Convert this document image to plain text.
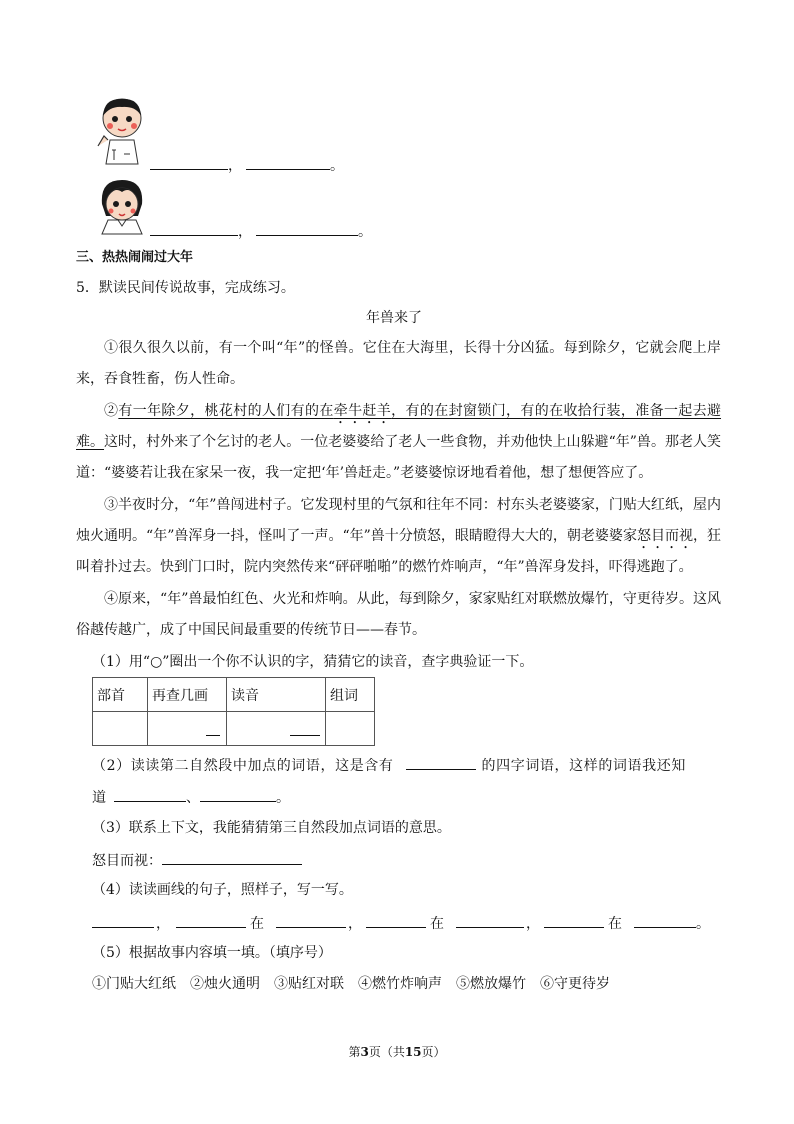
，	。
，	。
三、热热闹闹过大年
5．默读民间传说故事，完成练习。
年兽来了
①很久很久以前，有一个叫“年”的怪兽。它住在大海里，长得十分凶猛。每到除夕，它就会爬上岸来，吞食牲畜，伤人性命。
②有一年除夕，桃花村的人们有的在牵牛赶羊，有的在封窗锁门，有的在收拾行装，准备一起去避难。这时，村外来了个乞讨的老人。一位老婆婆给了老人一些食物，并劝他快上山躲避“年”兽。那老人笑道：“婆婆若让我在家呆一夜，我一定把‘年’兽赶走。”老婆婆惊讶地看着他，想了想便答应了。
③半夜时分，“年”兽闯进村子。它发现村里的气氛和往年不同：村东头老婆婆家，门贴大红纸，屋内烛火通明。“年”兽浑身一抖，怪叫了一声。“年”兽十分愤怒，眼睛瞪得大大的，朝老婆婆家怒目而视，狂叫着扑过去。快到门口时，院内突然传来“砰砰啪啪”的燃竹炸响声，“年”兽浑身发抖，吓得逃跑了。
④原来，“年”兽最怕红色、火光和炸响。从此，每到除夕，家家贴红对联燃放爆竹，守更待岁。这风俗越传越广，成了中国民间最重要的传统节日——春节。
（1）用“○”圈出一个你不认识的字，猜猜它的读音，查字典验证一下。
部首	再查几画	读音	组词

（2）读读第二自然段中加点的词语，这是含有	的四字词语，这样的词语我还知
道	、	。
（3）联系上下文，我能猜猜第三自然段加点词语的意思。
怒目而视：
（4）读读画线的句子，照样子，写一写。
，	在	，	在	，	在	。
（5）根据故事内容填一填。（填序号）
①门贴大红纸 ②烛火通明 ③贴红对联 ④燃竹炸响声 ⑤燃放爆竹 ⑥守更待岁
第3页（共15页）
